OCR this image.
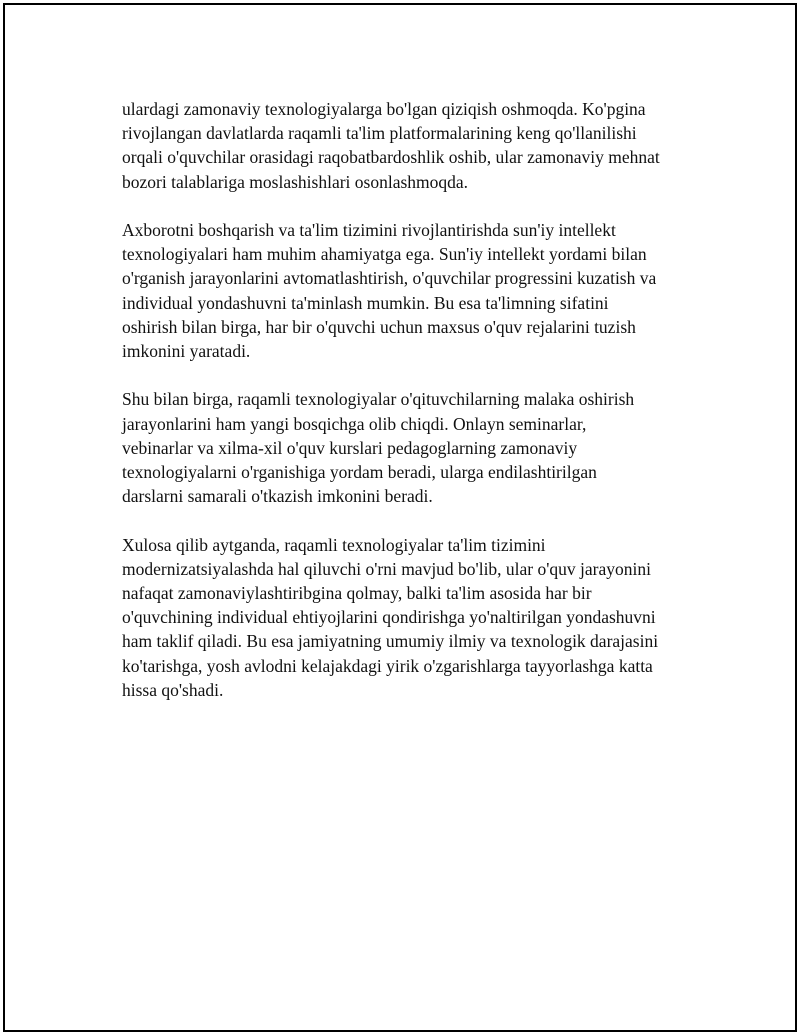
ulardagi zamonaviy texnologiyalarga bo'lgan qiziqish oshmoqda. Ko'pgina
rivojlangan davlatlarda raqamli ta'lim platformalarining keng qo'llanilishi
orqali o'quvchilar orasidagi raqobatbardoshlik oshib, ular zamonaviy mehnat
bozori talablariga moslashishlari osonlashmoqda.

Axborotni boshqarish va ta'lim tizimini rivojlantirishda sun'iy intellekt
texnologiyalari ham muhim ahamiyatga ega. Sun'iy intellekt yordami bilan
o'rganish jarayonlarini avtomatlashtirish, o'quvchilar progressini kuzatish va
individual yondashuvni ta'minlash mumkin. Bu esa ta'limning sifatini
oshirish bilan birga, har bir o'quvchi uchun maxsus o'quv rejalarini tuzish
imkonini yaratadi.

Shu bilan birga, raqamli texnologiyalar o'qituvchilarning malaka oshirish
jarayonlarini ham yangi bosqichga olib chiqdi. Onlayn seminarlar,
vebinarlar va xilma-xil o'quv kurslari pedagoglarning zamonaviy
texnologiyalarni o'rganishiga yordam beradi, ularga endilashtirilgan
darslarni samarali o'tkazish imkonini beradi.

Xulosa qilib aytganda, raqamli texnologiyalar ta'lim tizimini
modernizatsiyalashda hal qiluvchi o'rni mavjud bo'lib, ular o'quv jarayonini
nafaqat zamonaviylashtiribgina qolmay, balki ta'lim asosida har bir
o'quvchining individual ehtiyojlarini qondirishga yo'naltirilgan yondashuvni
ham taklif qiladi. Bu esa jamiyatning umumiy ilmiy va texnologik darajasini
ko'tarishga, yosh avlodni kelajakdagi yirik o'zgarishlarga tayyorlashga katta
hissa qo'shadi.
